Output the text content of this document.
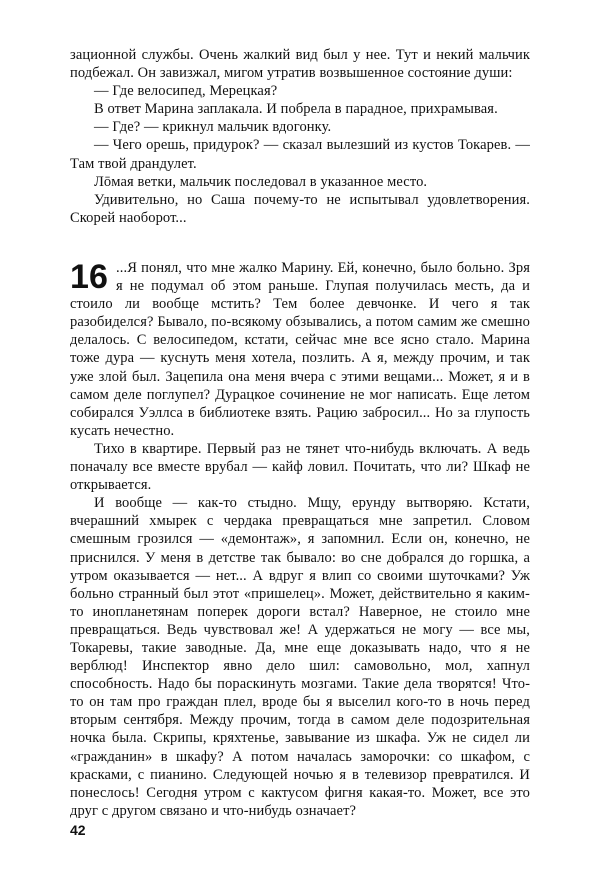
зационной службы. Очень жалкий вид был у нее. Тут и некий мальчик подбежал. Он завизжал, мигом утратив возвышенное состояние души:

— Где велосипед, Мерецкая?

В ответ Марина заплакала. И побрела в парадное, прихрамывая.

— Где? — крикнул мальчик вдогонку.

— Чего орешь, придурок? — сказал вылезший из кустов Токарев. — Там твой драндулет.

Лōмая ветки, мальчик последовал в указанное место.

Удивительно, но Саша почему-то не испытывал удовлетворения. Скорей наоборот...

16 ...Я понял, что мне жалко Марину. Ей, конечно, было больно. Зря я не подумал об этом раньше. Глупая получилась месть, да и стоило ли вообще мстить? Тем более девчонке. И чего я так разобиделся? Бывало, по-всякому обзывались, а потом самим же смешно делалось. С велосипедом, кстати, сейчас мне все ясно стало. Марина тоже дура — куснуть меня хотела, позлить. А я, между прочим, и так уже злой был. Зацепила она меня вчера с этими вещами... Может, я и в самом деле поглупел? Дурацкое сочинение не мог написать. Еще летом собирался Уэллса в библиотеке взять. Рацию забросил... Но за глупость кусать нечестно.

Тихо в квартире. Первый раз не тянет что-нибудь включать. А ведь поначалу все вместе врубал — кайф ловил. Почитать, что ли? Шкаф не открывается.

И вообще — как-то стыдно. Мщу, ерунду вытворяю. Кстати, вчерашний хмырек с чердака превращаться мне запретил. Словом смешным грозился — «демонтаж», я запомнил. Если он, конечно, не приснился. У меня в детстве так бывало: во сне добрался до горшка, а утром оказывается — нет... А вдруг я влип со своими шуточками? Уж больно странный был этот «пришелец». Может, действительно я каким-то инопланетянам поперек дороги встал? Наверное, не стоило мне превращаться. Ведь чувствовал же! А удержаться не могу — все мы, Токаревы, такие заводные. Да, мне еще доказывать надо, что я не верблюд! Инспектор явно дело шил: самовольно, мол, хапнул способность. Надо бы пораскинуть мозгами. Такие дела творятся! Что-то он там про граждан плел, вроде бы я выселил кого-то в ночь перед вторым сентября. Между прочим, тогда в самом деле подозрительная ночка была. Скрипы, кряхтенье, завывание из шкафа. Уж не сидел ли «гражданин» в шкафу? А потом началась заморочки: со шкафом, с красками, с пианино. Следующей ночью я в телевизор превратился. И понеслось! Сегодня утром с кактусом фигня какая-то. Может, все это друг с другом связано и что-нибудь означает?

42
